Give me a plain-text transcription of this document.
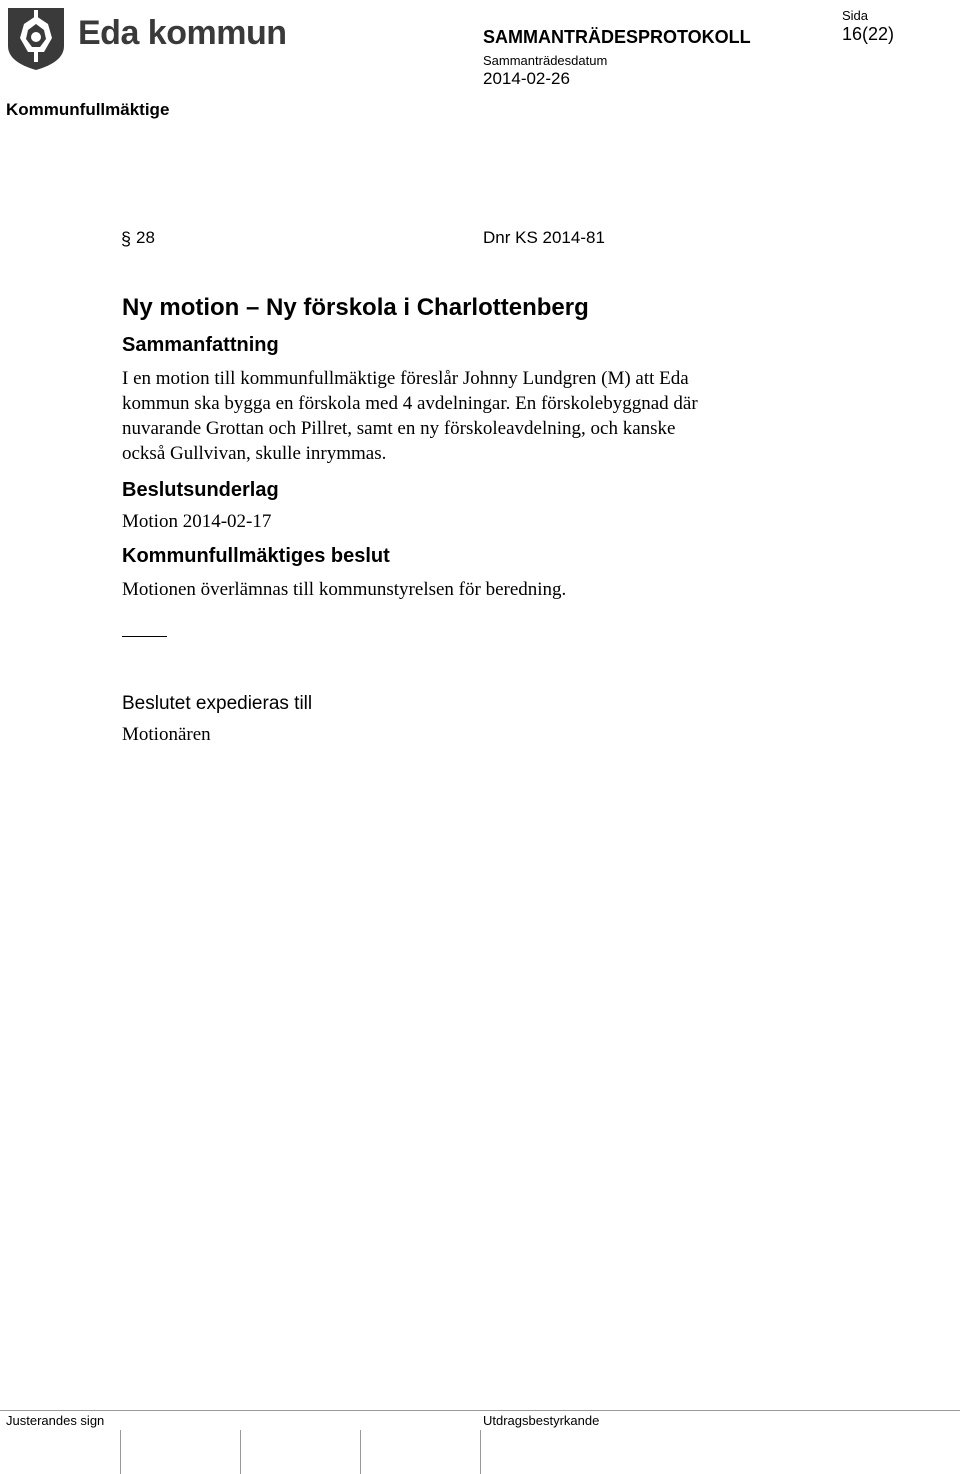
Eda kommun	SAMMANTRÄDESPROTOKOLL
Sammanträdesdatum
2014-02-26
Sida
16(22)
Kommunfullmäktige
§ 28	Dnr KS 2014-81
Ny motion – Ny förskola i Charlottenberg
Sammanfattning
I en motion till kommunfullmäktige föreslår Johnny Lundgren (M) att Eda
kommun ska bygga en förskola med 4 avdelningar. En förskolebyggnad där
nuvarande Grottan och Pillret, samt en ny förskoleavdelning, och kanske
också Gullvivan, skulle inrymmas.
Beslutsunderlag
Motion 2014-02-17
Kommunfullmäktiges beslut
Motionen överlämnas till kommunstyrelsen för beredning.
Beslutet expedieras till
Motionären
Justerandes sign	Utdragsbestyrkande
